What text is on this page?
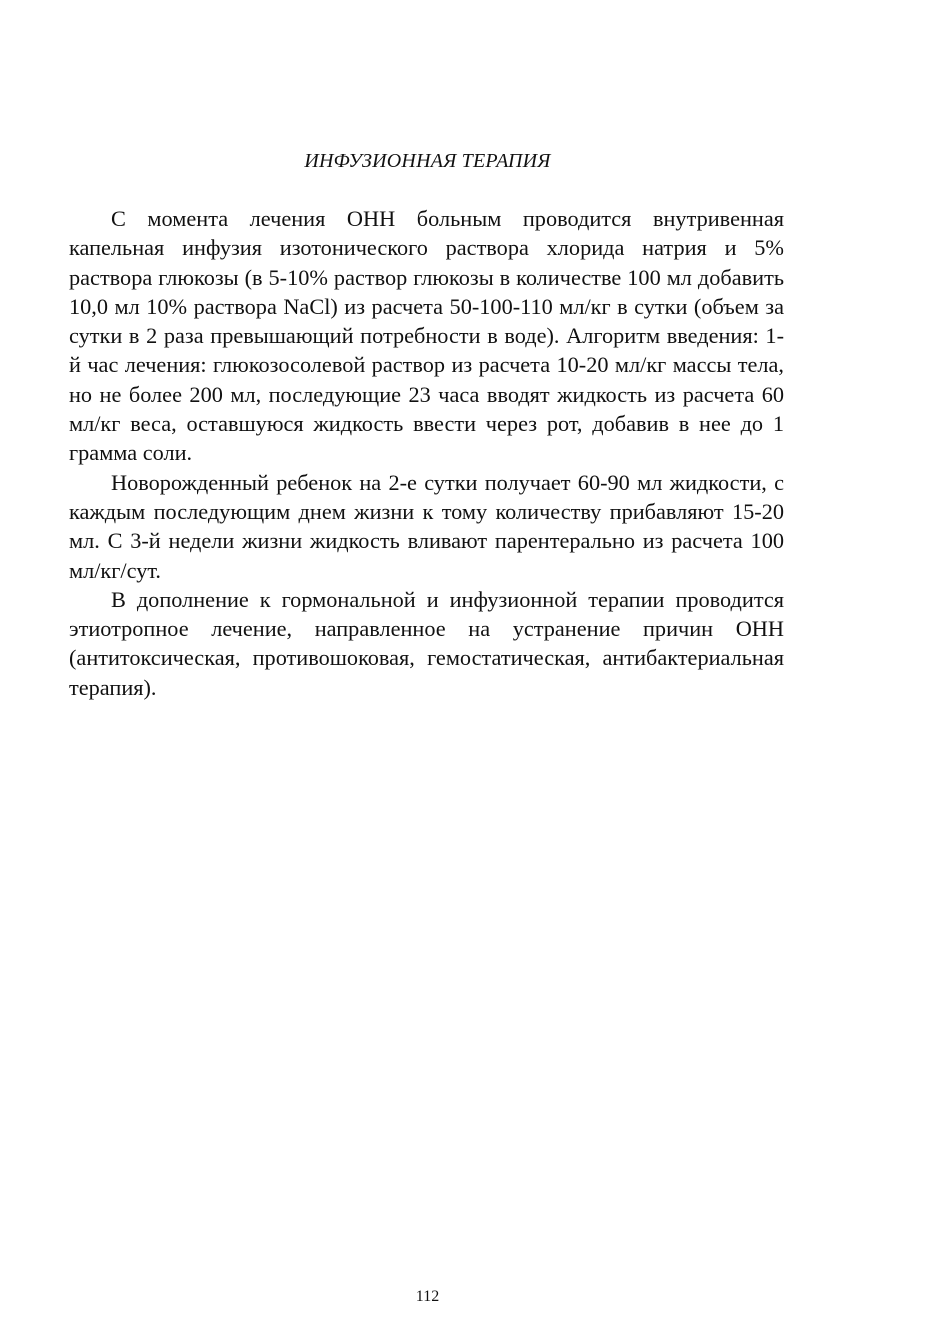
ИНФУЗИОННАЯ ТЕРАПИЯ

С момента лечения ОНН больным проводится внутривенная капельная инфузия изотонического раствора хлорида натрия и 5% раствора глюкозы (в 5-10% раствор глюкозы в количестве 100 мл добавить 10,0 мл 10% раствора NaCl) из расчета 50-100-110 мл/кг в сутки (объем за сутки в 2 раза превышающий потребности в воде). Алгоритм введения: 1-й час лечения: глюкозосолевой раствор из расчета 10-20 мл/кг массы тела, но не более 200 мл, последующие 23 часа вводят жидкость из расчета 60 мл/кг веса, оставшуюся жидкость ввести через рот, добавив в нее до 1 грамма соли.

Новорожденный ребенок на 2-е сутки получает 60-90 мл жидкости, с каждым последующим днем жизни к тому количеству прибавляют 15-20 мл. С 3-й недели жизни жидкость вливают парентерально из расчета 100 мл/кг/сут.

В дополнение к гормональной и инфузионной терапии проводится этиотропное лечение, направленное на устранение причин ОНН (антитоксическая, противошоковая, гемостатическая, антибактериальная терапия).

112
